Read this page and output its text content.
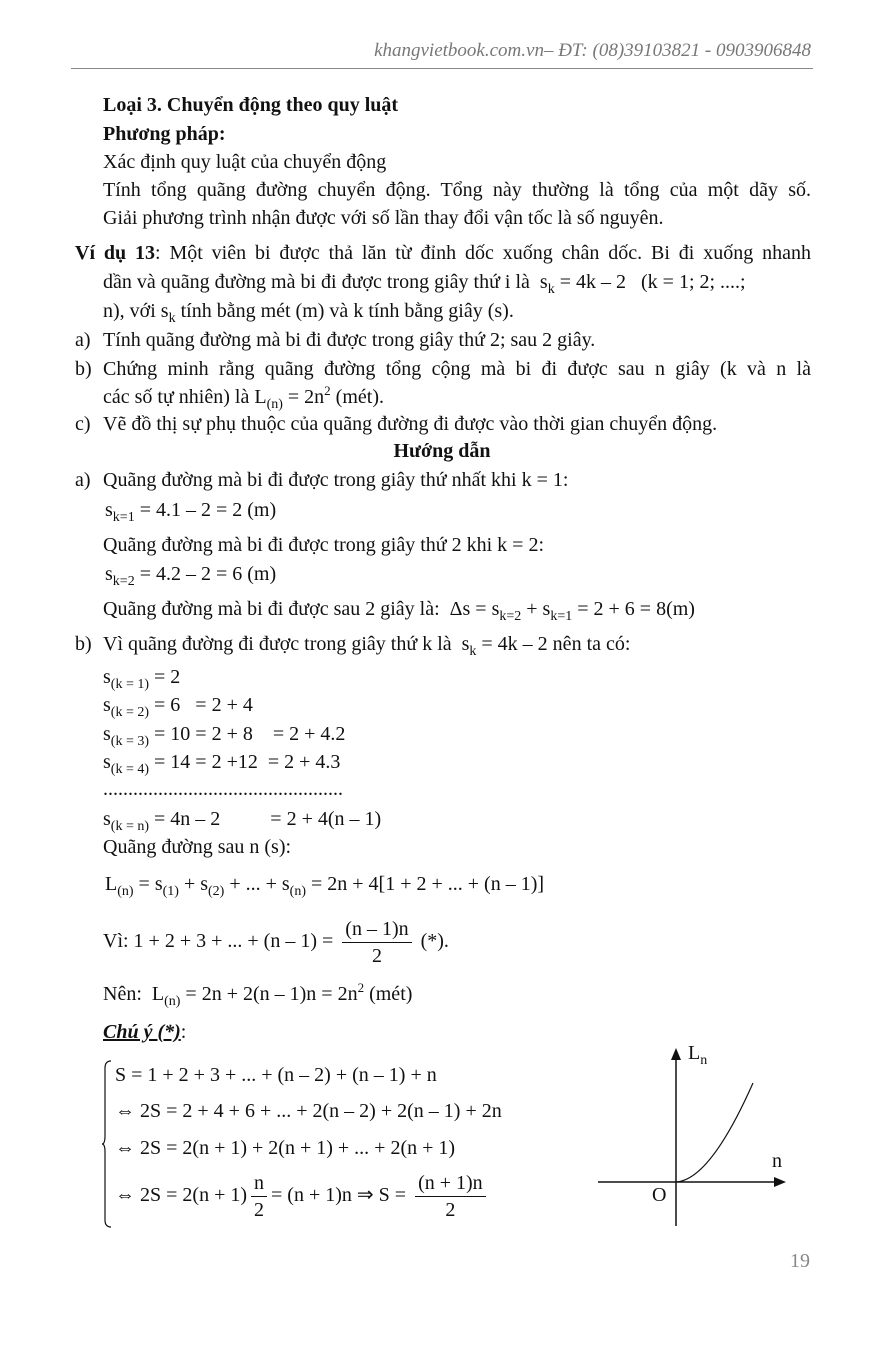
khangvietbook.com.vn– ĐT: (08)39103821 - 0903906848
Loại 3. Chuyển động theo quy luật
Phương pháp:
Xác định quy luật của chuyển động
Tính tổng quãng đường chuyển động. Tổng này thường là tổng của một dãy số.
Giải phương trình nhận được với số lần thay đổi vận tốc là số nguyên.
Ví dụ 13: Một viên bi được thả lăn từ đỉnh dốc xuống chân dốc. Bi đi xuống nhanh
dần và quãng đường mà bi đi được trong giây thứ i là  $s_k = 4k - 2$   (k = 1; 2; ....;
n), với $s_k$ tính bằng mét (m) và k tính bằng giây (s).
a) Tính quãng đường mà bi đi được trong giây thứ 2; sau 2 giây.
b) Chứng minh rằng quãng đường tổng cộng mà bi đi được sau n giây (k và n là
các số tự nhiên) là $L_{(n)} = 2n^2$ (mét).
c) Vẽ đồ thị sự phụ thuộc của quãng đường đi được vào thời gian chuyển động.
Hướng dẫn
a) Quãng đường mà bi đi được trong giây thứ nhất khi k = 1:
$s_{k=1} = 4.1 - 2 = 2$ (m)
Quãng đường mà bi đi được trong giây thứ 2 khi k = 2:
$s_{k=2} = 4.2 - 2 = 6$ (m)
Quãng đường mà bi đi được sau 2 giây là:  $\Delta s = s_{k=2} + s_{k=1} = 2 + 6 = 8(m)$
b) Vì quãng đường đi được trong giây thứ k là  $s_k = 4k - 2$ nên ta có:
$s_{(k = 1)} = 2$
$s_{(k = 2)} = 6 = 2 + 4$
$s_{(k = 3)} = 10 = 2 + 8$    = 2 + 4.2
$s_{(k = 4)} = 14 = 2 +12 = 2 + 4.3$
................................................
$s_{(k = n)} = 4n - 2$          = 2 + 4(n – 1)
Quãng đường sau n (s):
$L_{(n)} = s_{(1)} + s_{(2)}$ + ... + $s_{(n)} = 2n + 4[1 + 2$ + ... + (n – 1)]
Vì: 1 + 2 + 3 + ... + $(n - 1) = \frac{(n - 1)n}{2}$ (*).
Nên:  $L_{(n)} = 2n + 2(n - 1)n = 2n^2$ (mét)
Chú ý (*):
S = 1 + 2 + 3 + ... + (n – 2) + (n – 1) + n
⇔ 2S = 2 + 4 + 6 + ... + 2(n – 2) + 2(n – 1) + 2n
⇔ 2S = 2(n + 1) + 2(n + 1) + ... + 2(n + 1)
⇔ $2S = 2(n + 1) \frac{n}{2} = (n + 1)n$ ⇒ $S = \frac{(n + 1)n}{2}$
$L_n$
n
O
19
